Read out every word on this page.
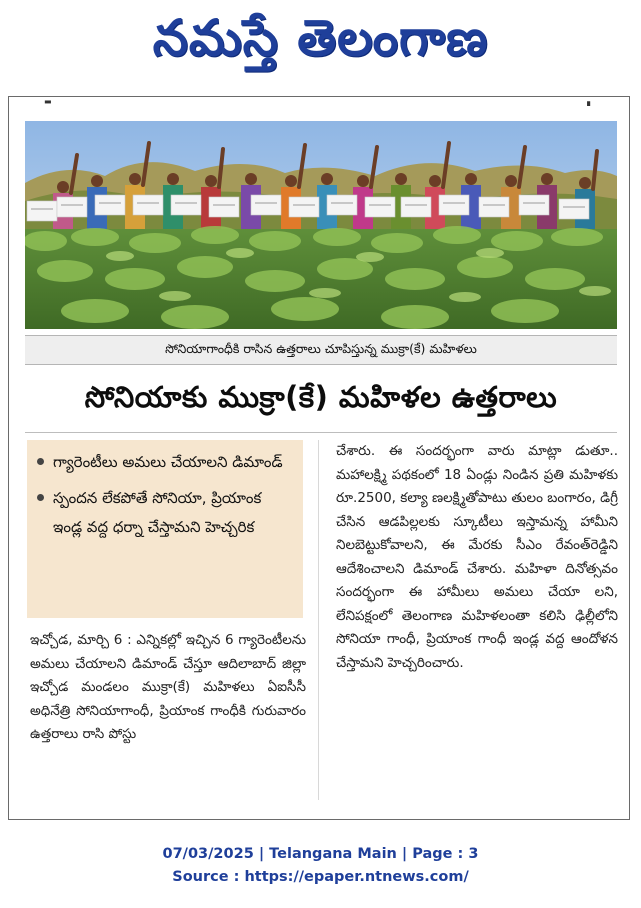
నమస్తే తెలంగాణ
▬	▗
సోనియాగాంధీకి రాసిన ఉత్తరాలు చూపిస్తున్న ముక్రా(కే) మహిళలు
సోనియాకు ముక్రా(కే) మహిళల ఉత్తరాలు
గ్యారెంటీలు అమలు చేయాలని డిమాండ్
స్పందన లేకపోతే సోనియా, ప్రియాంక ఇండ్ల వద్ద ధర్నా చేస్తామని హెచ్చరిక
ఇచ్చోడ, మార్చి 6 : ఎన్నికల్లో ఇచ్చిన 6 గ్యారెంటీలను అమలు చేయాలని డిమాండ్ చేస్తూ ఆదిలాబాద్ జిల్లా ఇచ్చోడ మండలం ముక్రా(కే) మహిళలు ఏఐసీసీ అధినేత్రి సోనియాగాంధీ, ప్రియాంక గాంధీకి గురువారం ఉత్తరాలు రాసి పోస్టు
చేశారు. ఈ సందర్భంగా వారు మాట్లా డుతూ.. మహాలక్ష్మి పథకంలో 18 ఏండ్లు నిండిన ప్రతి మహిళకు రూ.2500, కల్యా ణలక్ష్మితోపాటు తులం బంగారం, డిగ్రీ చేసిన ఆడపిల్లలకు స్కూటీలు ఇస్తామన్న హామీని నిలబెట్టుకోవాలని, ఈ మేరకు సీఎం రేవంత్‌రెడ్డిని ఆదేశించాలని డిమాండ్ చేశారు. మహిళా దినోత్సవం సందర్భంగా ఈ హామీలు అమలు చేయా లని, లేనిపక్షంలో తెలంగాణ మహిళలంతా కలిసి ఢిల్లీలోని సోనియా గాంధీ, ప్రియాంక గాంధీ ఇండ్ల వద్ద ఆందోళన చేస్తామని హెచ్చరించారు.
07/03/2025 | Telangana Main | Page : 3
Source : https://epaper.ntnews.com/
